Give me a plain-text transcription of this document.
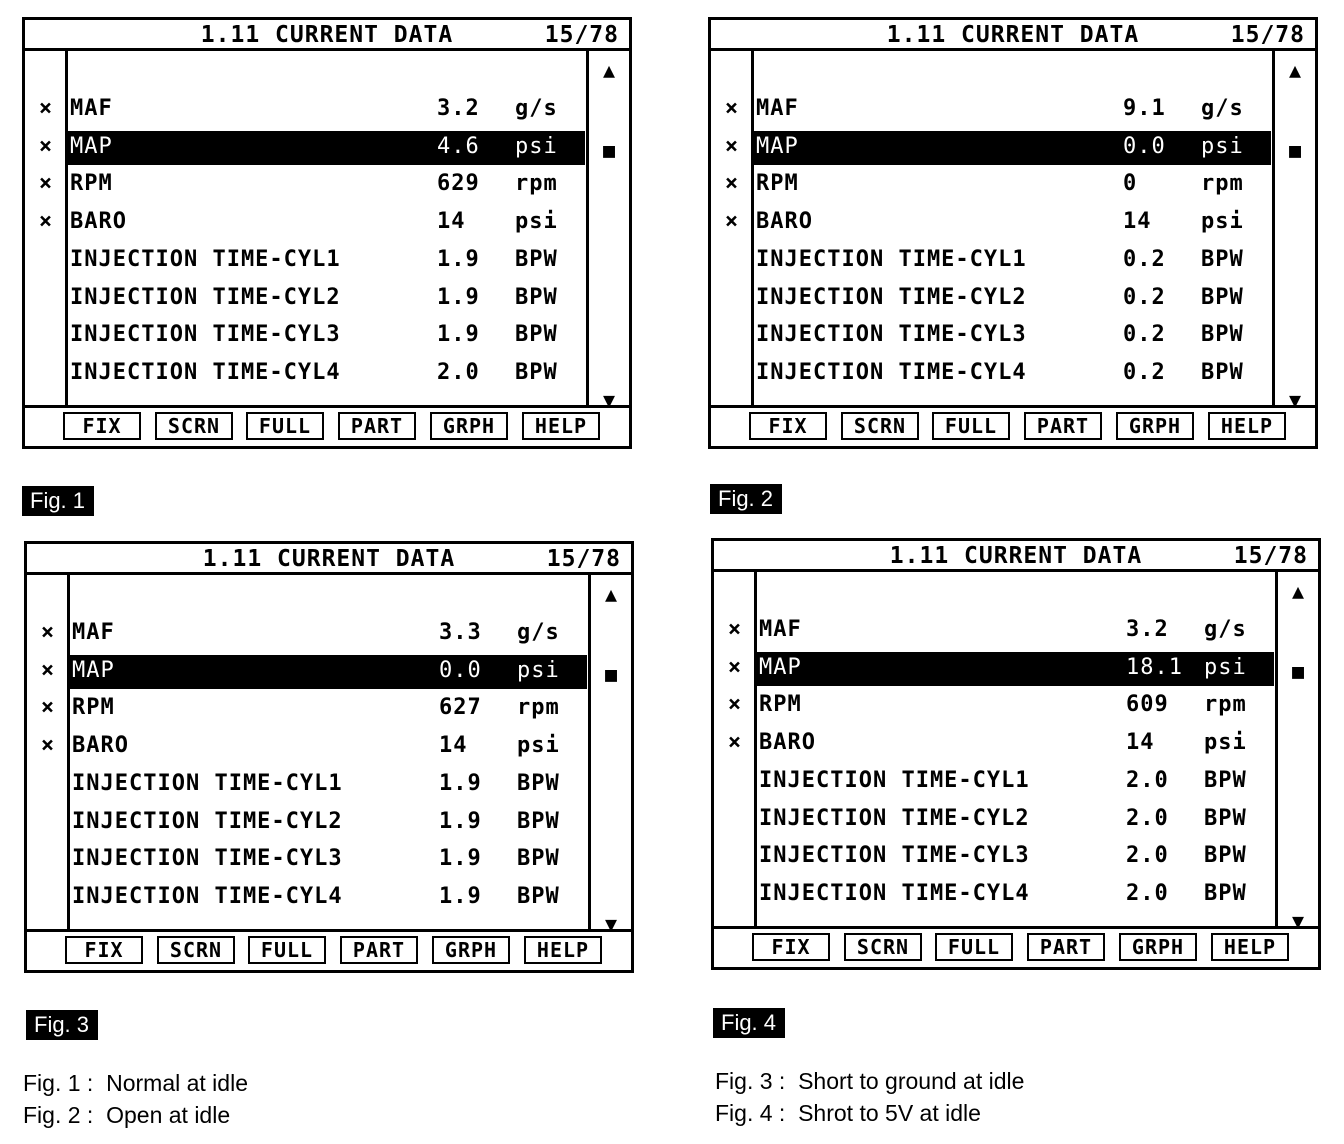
1.11 CURRENT DATA	15/78
▲
■
▼
× MAF	3.2 g/s
× MAP	4.6 psi
× RPM	629 rpm
× BARO	14 psi
INJECTION TIME-CYL1	1.9 BPW
INJECTION TIME-CYL2	1.9 BPW
INJECTION TIME-CYL3	1.9 BPW
INJECTION TIME-CYL4	2.0 BPW
FIX	SCRN	FULL	PART	GRPH	HELP
Fig. 1
1.11 CURRENT DATA	15/78
▲
■
▼
× MAF	9.1 g/s
× MAP	0.0 psi
× RPM	0	rpm
× BARO	14 psi
INJECTION TIME-CYL1	0.2 BPW
INJECTION TIME-CYL2	0.2 BPW
INJECTION TIME-CYL3	0.2 BPW
INJECTION TIME-CYL4	0.2 BPW
FIX	SCRN	FULL	PART	GRPH	HELP
Fig. 2
1.11 CURRENT DATA	15/78
▲
■
▼
× MAF	3.3 g/s
× MAP	0.0 psi
× RPM	627 rpm
× BARO	14 psi
INJECTION TIME-CYL1	1.9 BPW
INJECTION TIME-CYL2	1.9 BPW
INJECTION TIME-CYL3	1.9 BPW
INJECTION TIME-CYL4	1.9 BPW
FIX	SCRN	FULL	PART	GRPH	HELP
Fig. 3
1.11 CURRENT DATA	15/78
▲
■
▼
× MAF	3.2 g/s
× MAP	18.1 psi
× RPM	609 rpm
× BARO	14 psi
INJECTION TIME-CYL1	2.0 BPW
INJECTION TIME-CYL2	2.0 BPW
INJECTION TIME-CYL3	2.0 BPW
INJECTION TIME-CYL4	2.0 BPW
FIX	SCRN	FULL	PART	GRPH	HELP
Fig. 4
Fig. 1 : Normal at idle
Fig. 2 : Open at idle
Fig. 3 : Short to ground at idle
Fig. 4 : Shrot to 5V at idle
